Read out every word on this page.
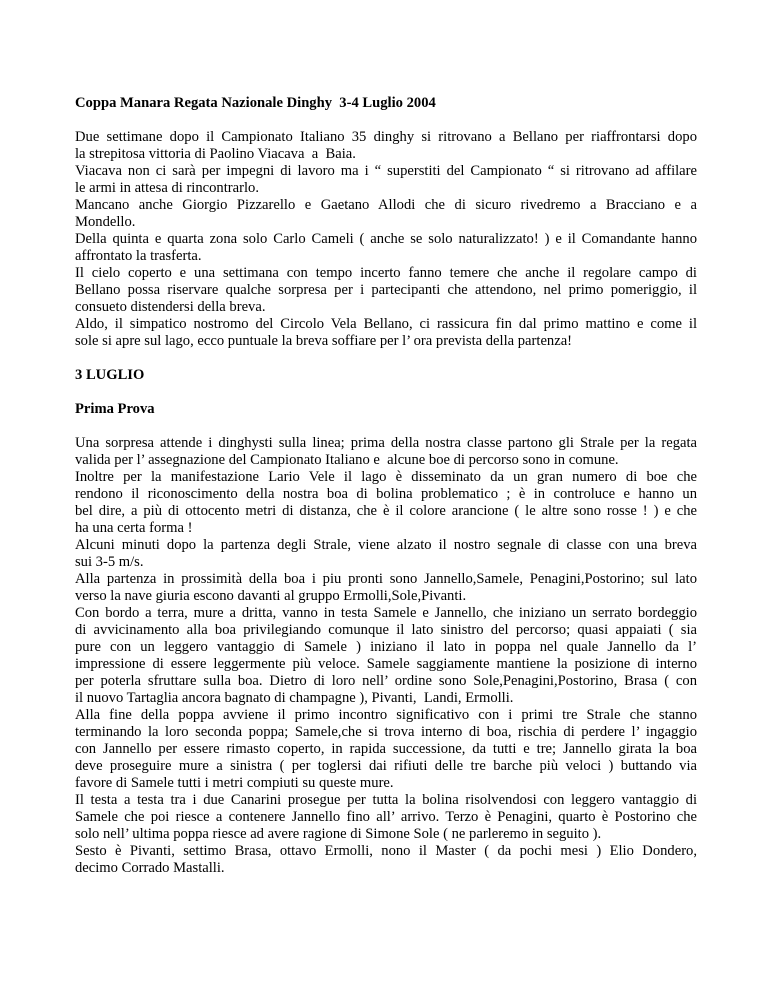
Coppa Manara Regata Nazionale Dinghy  3-4 Luglio 2004
Due settimane dopo il Campionato Italiano 35 dinghy si ritrovano a Bellano per riaffrontarsi dopo
la strepitosa vittoria di Paolino Viacava  a  Baia.
Viacava non ci sarà per impegni di lavoro ma i “ superstiti del Campionato “ si ritrovano ad affilare
le armi in attesa di rincontrarlo.
Mancano anche Giorgio Pizzarello e Gaetano Allodi che di sicuro rivedremo a Bracciano e a
Mondello.
Della quinta e quarta zona solo Carlo Cameli ( anche se solo naturalizzato! ) e il Comandante hanno
affrontato la trasferta.
Il cielo coperto e una settimana con tempo incerto fanno temere che anche il regolare campo di
Bellano possa riservare qualche sorpresa per i partecipanti che attendono, nel primo pomeriggio, il
consueto distendersi della breva.
Aldo, il simpatico nostromo del Circolo Vela Bellano, ci rassicura fin dal primo mattino e come il
sole si apre sul lago, ecco puntuale la breva soffiare per l’ ora prevista della partenza!
3 LUGLIO
Prima Prova
Una sorpresa attende i dinghysti sulla linea; prima della nostra classe partono gli Strale per la regata
valida per l’ assegnazione del Campionato Italiano e  alcune boe di percorso sono in comune.
Inoltre per la manifestazione Lario Vele il lago è disseminato da un gran numero di boe che
rendono il riconoscimento della nostra boa di bolina problematico ; è in controluce e hanno un
bel dire, a più di ottocento metri di distanza, che è il colore arancione ( le altre sono rosse ! ) e che
ha una certa forma !
Alcuni minuti dopo la partenza degli Strale, viene alzato il nostro segnale di classe con una breva
sui 3-5 m/s.
Alla partenza in prossimità della boa i piu pronti sono Jannello,Samele, Penagini,Postorino; sul lato
verso la nave giuria escono davanti al gruppo Ermolli,Sole,Pivanti.
Con bordo a terra, mure a dritta, vanno in testa Samele e Jannello, che iniziano un serrato bordeggio
di avvicinamento alla boa privilegiando comunque il lato sinistro del percorso; quasi appaiati ( sia
pure con un leggero vantaggio di Samele ) iniziano il lato in poppa nel quale Jannello da l’
impressione di essere leggermente più veloce. Samele saggiamente mantiene la posizione di interno
per poterla sfruttare sulla boa. Dietro di loro nell’ ordine sono Sole,Penagini,Postorino, Brasa ( con
il nuovo Tartaglia ancora bagnato di champagne ), Pivanti,  Landi, Ermolli.
Alla fine della poppa avviene il primo incontro significativo con i primi tre Strale che stanno
terminando la loro seconda poppa; Samele,che si trova interno di boa, rischia di perdere l’ ingaggio
con Jannello per essere rimasto coperto, in rapida successione, da tutti e tre; Jannello girata la boa
deve proseguire mure a sinistra ( per toglersi dai rifiuti delle tre barche più veloci ) buttando via
favore di Samele tutti i metri compiuti su queste mure.
Il testa a testa tra i due Canarini prosegue per tutta la bolina risolvendosi con leggero vantaggio di
Samele che poi riesce a contenere Jannello fino all’ arrivo. Terzo è Penagini, quarto è Postorino che
solo nell’ ultima poppa riesce ad avere ragione di Simone Sole ( ne parleremo in seguito ).
Sesto è Pivanti, settimo Brasa, ottavo Ermolli, nono il Master ( da pochi mesi ) Elio Dondero,
decimo Corrado Mastalli.
